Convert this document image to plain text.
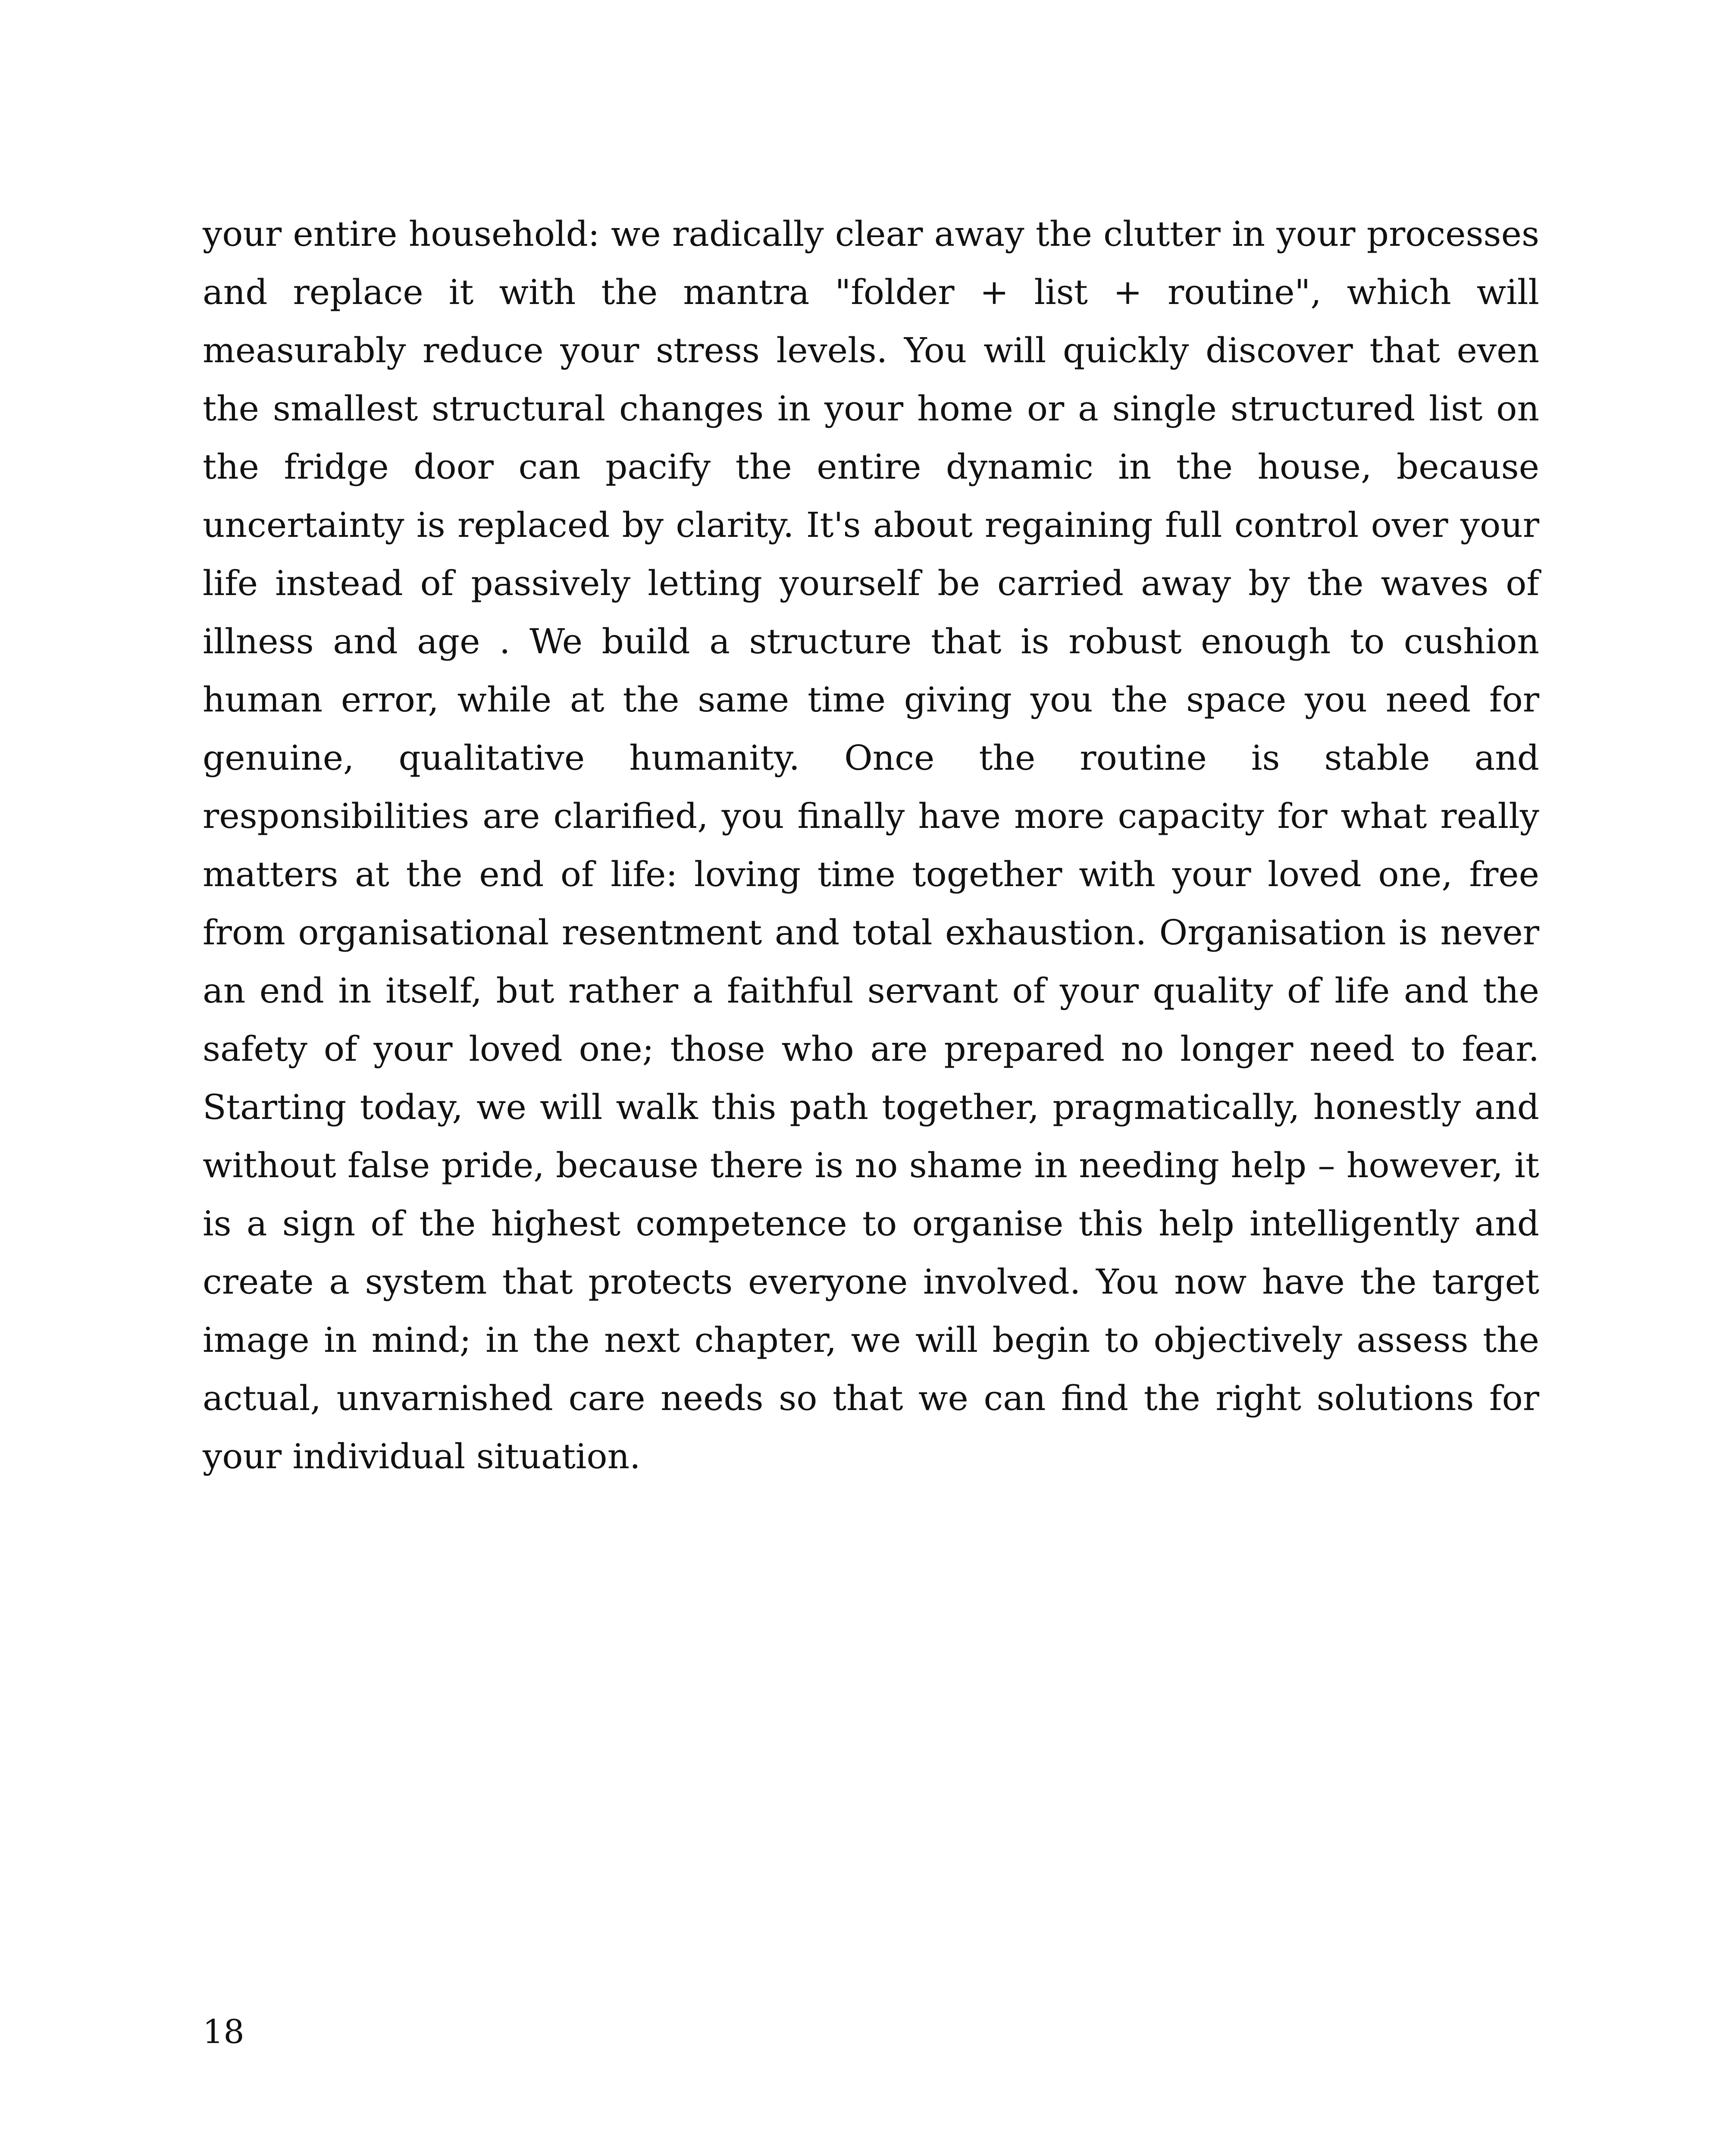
your entire household: we radically clear away the clutter in your processes and replace it with the mantra "folder + list + routine", which will measurably reduce your stress levels. You will quickly discover that even the smallest structural changes in your home or a single structured list on the fridge door can pacify the entire dynamic in the house, because uncertainty is replaced by clarity. It's about regaining full control over your life instead of passively letting yourself be carried away by the waves of illness and age . We build a structure that is robust enough to cushion human error, while at the same time giving you the space you need for genuine, qualitative humanity. Once the routine is stable and responsibilities are clarified, you finally have more capacity for what really matters at the end of life: loving time together with your loved one, free from organisational resentment and total exhaustion. Organisation is never an end in itself, but rather a faithful servant of your quality of life and the safety of your loved one; those who are prepared no longer need to fear. Starting today, we will walk this path together, pragmatically, honestly and without false pride, because there is no shame in needing help – however, it is a sign of the highest competence to organise this help intelligently and create a system that protects everyone involved. You now have the target image in mind; in the next chapter, we will begin to objectively assess the actual, unvarnished care needs so that we can find the right solutions for your individual situation.

18
